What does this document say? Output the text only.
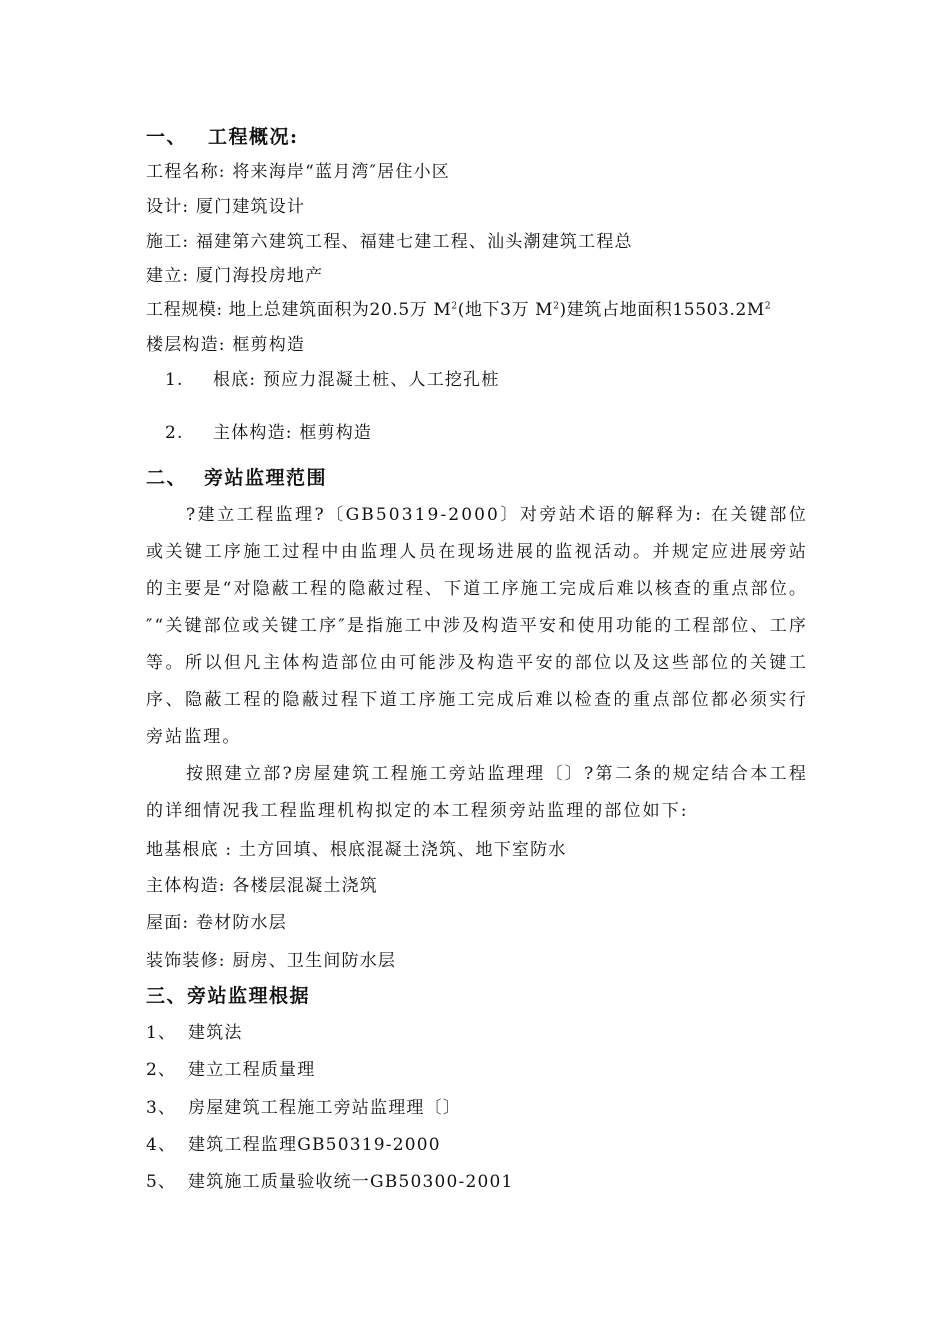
一、 工程概况:
工程名称: 将来海岸“蓝月湾″居住小区
设计: 厦门建筑设计
施工: 福建第六建筑工程、福建七建工程、汕头潮建筑工程总
建立: 厦门海投房地产
工程规模: 地上总建筑面积为20.5万 $M^2$(地下3万 $M^2$)建筑占地面积$15503.2M^2$
楼层构造: 框剪构造
1. 根底: 预应力混凝土桩、人工挖孔桩
2. 主体构造: 框剪构造
二、 旁站监理范围
?建立工程监理?〔GB50319-2000〕对旁站术语的解释为: 在关键部位或关键工序施工过程中由监理人员在现场进展的监视活动。并规定应进展旁站的主要是“对隐蔽工程的隐蔽过程、下道工序施工完成后难以核查的重点部位。″“关键部位或关键工序″是指施工中涉及构造平安和使用功能的工程部位、工序等。所以但凡主体构造部位由可能涉及构造平安的部位以及这些部位的关键工序、隐蔽工程的隐蔽过程下道工序施工完成后难以检查的重点部位都必须实行旁站监理。
按照建立部?房屋建筑工程施工旁站监理理〔〕?第二条的规定结合本工程的详细情况我工程监理机构拟定的本工程须旁站监理的部位如下:
地基根底 : 土方回填、根底混凝土浇筑、地下室防水
主体构造: 各楼层混凝土浇筑
屋面: 卷材防水层
装饰装修: 厨房、卫生间防水层
三、旁站监理根据
1、 建筑法
2、 建立工程质量理
3、 房屋建筑工程施工旁站监理理〔〕
4、 建筑工程监理GB50319-2000
5、 建筑施工质量验收统一GB50300-2001
